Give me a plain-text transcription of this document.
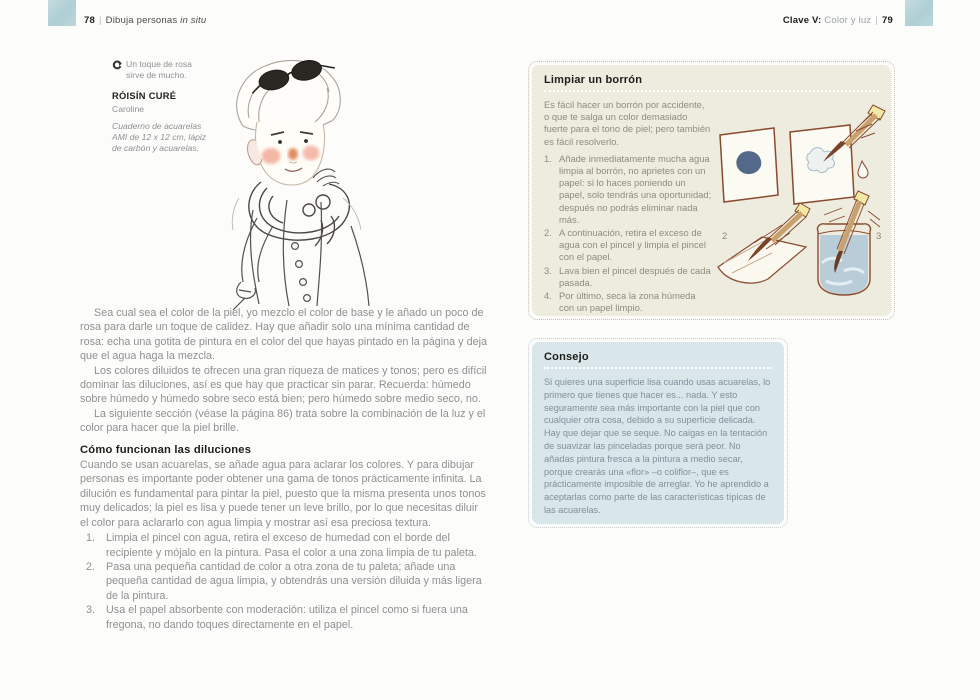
78 | Dibuja personas in situ	Clave V: Color y luz | 79
Un toque de rosa sirve de mucho.
RÓISÍN CURÉ
Caroline
Cuaderno de acuarelas AMI de 12 x 12 cm, lápiz de carbón y acuarelas.

Sea cual sea el color de la piel, yo mezclo el color de base y le añado un poco de rosa para darle un toque de calidez. Hay que añadir solo una mínima cantidad de rosa: echa una gotita de pintura en el color del que hayas pintado en la página y deja que el agua haga la mezcla.

Los colores diluidos te ofrecen una gran riqueza de matices y tonos; pero es difícil dominar las diluciones, así es que hay que practicar sin parar. Recuerda: húmedo sobre húmedo y húmedo sobre seco está bien; pero húmedo sobre medio seco, no.

La siguiente sección (véase la página 86) trata sobre la combinación de la luz y el color para hacer que la piel brille.

Cómo funcionan las diluciones

Cuando se usan acuarelas, se añade agua para aclarar los colores. Y para dibujar personas es importante poder obtener una gama de tonos prácticamente infinita. La dilución es fundamental para pintar la piel, puesto que la misma presenta unos tonos muy delicados; la piel es lisa y puede tener un leve brillo, por lo que necesitas diluir el color para aclararlo con agua limpia y mostrar así esa preciosa textura.

1.	Limpia el pincel con agua, retira el exceso de humedad con el borde del recipiente y mójalo en la pintura. Pasa el color a una zona limpia de tu paleta.
2.	Pasa una pequeña cantidad de color a otra zona de tu paleta; añade una pequeña cantidad de agua limpia, y obtendrás una versión diluida y más ligera de la pintura.
3.	Usa el papel absorbente con moderación: utiliza el pincel como si fuera una fregona, no dando toques directamente en el papel.
Limpiar un borrón
Es fácil hacer un borrón por accidente, o que te salga un color demasiado fuerte para el tono de piel; pero también es fácil resolverlo.
1. Añade inmediatamente mucha agua limpia al borrón, no aprietes con un papel: si lo haces poniendo un papel, solo tendrás una oportunidad; después no podrás eliminar nada más.
2. A continuación, retira el exceso de agua con el pincel y limpia el pincel con el papel.
3. Lava bien el pincel después de cada pasada.
4. Por último, seca la zona húmeda con un papel limpio.
2	3
Consejo
Si quieres una superficie lisa cuando usas acuarelas, lo primero que tienes que hacer es... nada. Y esto seguramente sea más importante con la piel que con cualquier otra cosa, debido a su superficie delicada. Hay que dejar que se seque. No caigas en la tentación de suavizar las pinceladas porque será peor. No añadas pintura fresca a la pintura a medio secar, porque crearás una «flor» –o coliflor–, que es prácticamente imposible de arreglar. Yo he aprendido a aceptarlas como parte de las características típicas de las acuarelas.
